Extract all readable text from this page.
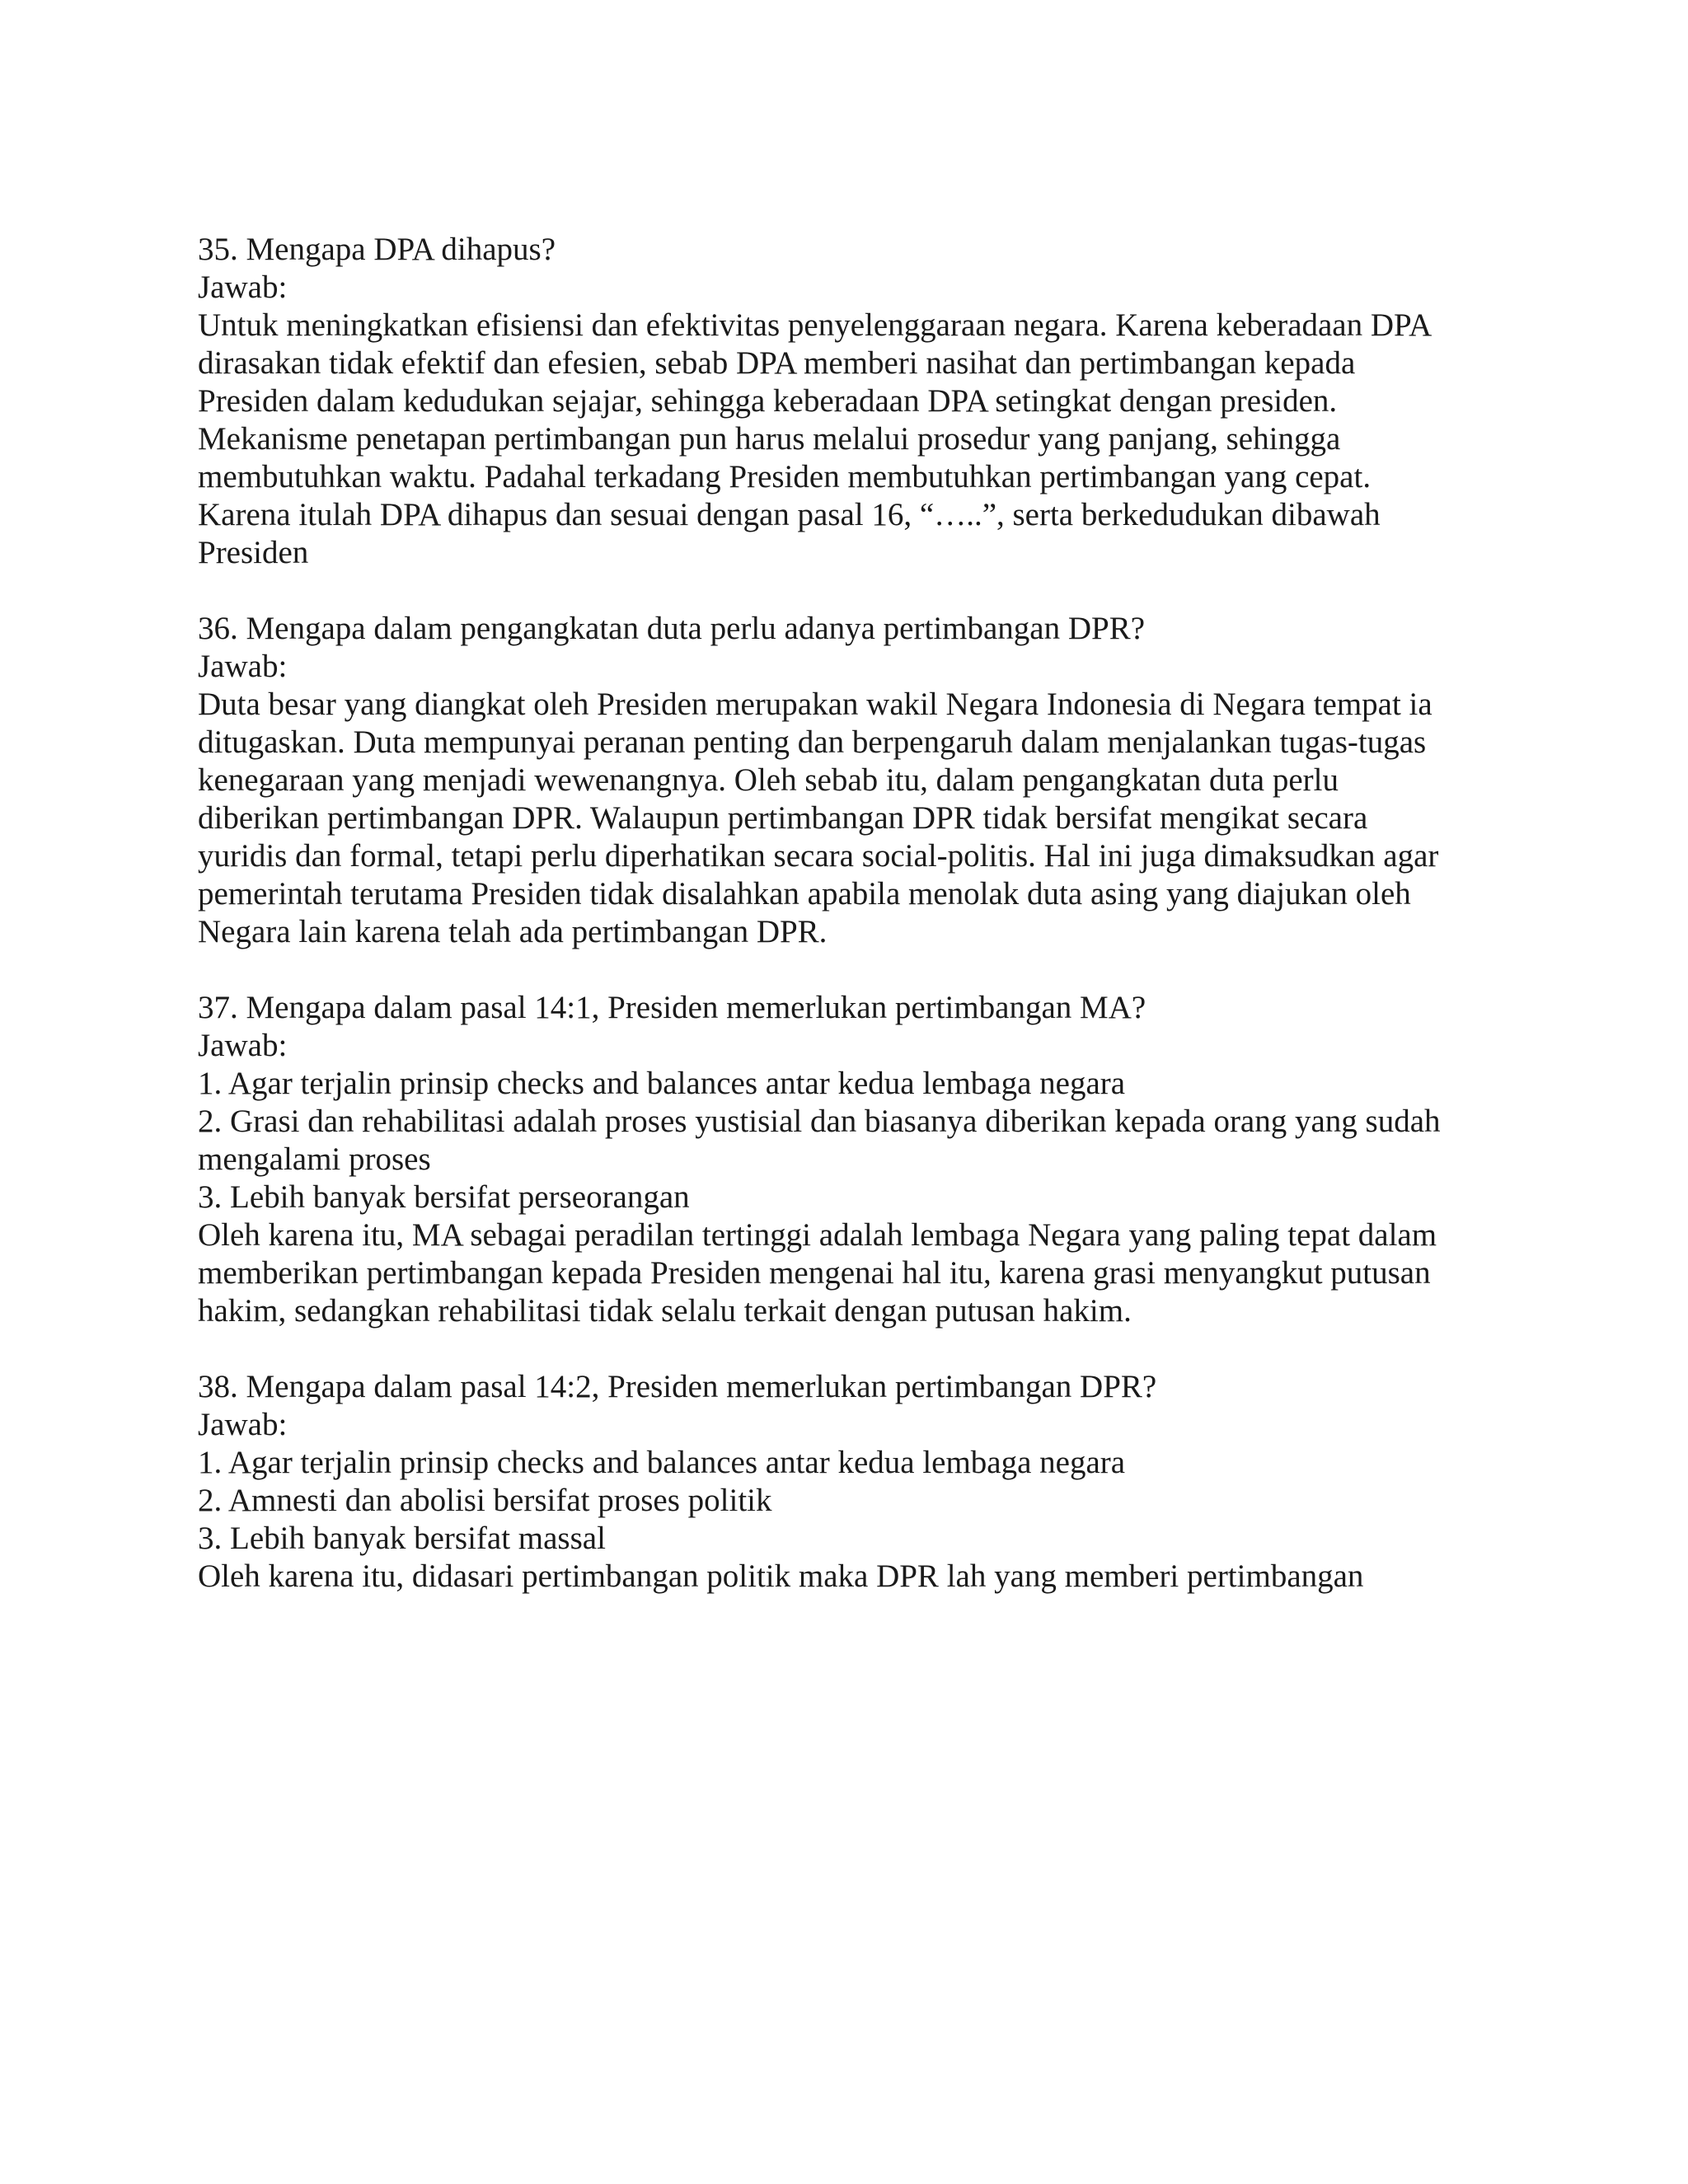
35. Mengapa DPA dihapus?
Jawab:
Untuk meningkatkan efisiensi dan efektivitas penyelenggaraan negara. Karena keberadaan DPA
dirasakan tidak efektif dan efesien, sebab DPA memberi nasihat dan pertimbangan kepada
Presiden dalam kedudukan sejajar, sehingga keberadaan DPA setingkat dengan presiden.
Mekanisme penetapan pertimbangan pun harus melalui prosedur yang panjang, sehingga
membutuhkan waktu. Padahal terkadang Presiden membutuhkan pertimbangan yang cepat.
Karena itulah DPA dihapus dan sesuai dengan pasal 16, “…..”, serta berkedudukan dibawah
Presiden
36. Mengapa dalam pengangkatan duta perlu adanya pertimbangan DPR?
Jawab:
Duta besar yang diangkat oleh Presiden merupakan wakil Negara Indonesia di Negara tempat ia
ditugaskan. Duta mempunyai peranan penting dan berpengaruh dalam menjalankan tugas-tugas
kenegaraan yang menjadi wewenangnya. Oleh sebab itu, dalam pengangkatan duta perlu
diberikan pertimbangan DPR. Walaupun pertimbangan DPR tidak bersifat mengikat secara
yuridis dan formal, tetapi perlu diperhatikan secara social-politis. Hal ini juga dimaksudkan agar
pemerintah terutama Presiden tidak disalahkan apabila menolak duta asing yang diajukan oleh
Negara lain karena telah ada pertimbangan DPR.
37. Mengapa dalam pasal 14:1, Presiden memerlukan pertimbangan MA?
Jawab:
1. Agar terjalin prinsip checks and balances antar kedua lembaga negara
2. Grasi dan rehabilitasi adalah proses yustisial dan biasanya diberikan kepada orang yang sudah
mengalami proses
3. Lebih banyak bersifat perseorangan
Oleh karena itu, MA sebagai peradilan tertinggi adalah lembaga Negara yang paling tepat dalam
memberikan pertimbangan kepada Presiden mengenai hal itu, karena grasi menyangkut putusan
hakim, sedangkan rehabilitasi tidak selalu terkait dengan putusan hakim.
38. Mengapa dalam pasal 14:2, Presiden memerlukan pertimbangan DPR?
Jawab:
1. Agar terjalin prinsip checks and balances antar kedua lembaga negara
2. Amnesti dan abolisi bersifat proses politik
3. Lebih banyak bersifat massal
Oleh karena itu, didasari pertimbangan politik maka DPR lah yang memberi pertimbangan
